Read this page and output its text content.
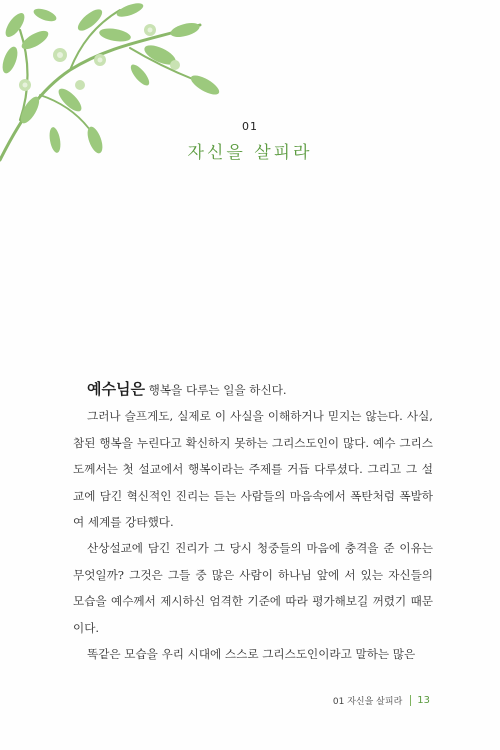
01
자신을 살피라

예수님은 행복을 다루는 일을 하신다.

그러나 슬프게도, 실제로 이 사실을 이해하거나 믿지는 않는다. 사실, 참된 행복을 누린다고 확신하지 못하는 그리스도인이 많다. 예수 그리스도께서는 첫 설교에서 행복이라는 주제를 거듭 다루셨다. 그리고 그 설교에 담긴 혁신적인 진리는 듣는 사람들의 마음속에서 폭탄처럼 폭발하여 세계를 강타했다.

산상설교에 담긴 진리가 그 당시 청중들의 마음에 충격을 준 이유는 무엇일까? 그것은 그들 중 많은 사람이 하나님 앞에 서 있는 자신들의 모습을 예수께서 제시하신 엄격한 기준에 따라 평가해보길 꺼렸기 때문이다.

똑같은 모습을 우리 시대에 스스로 그리스도인이라고 말하는 많은

01 자신을 살피라 13
